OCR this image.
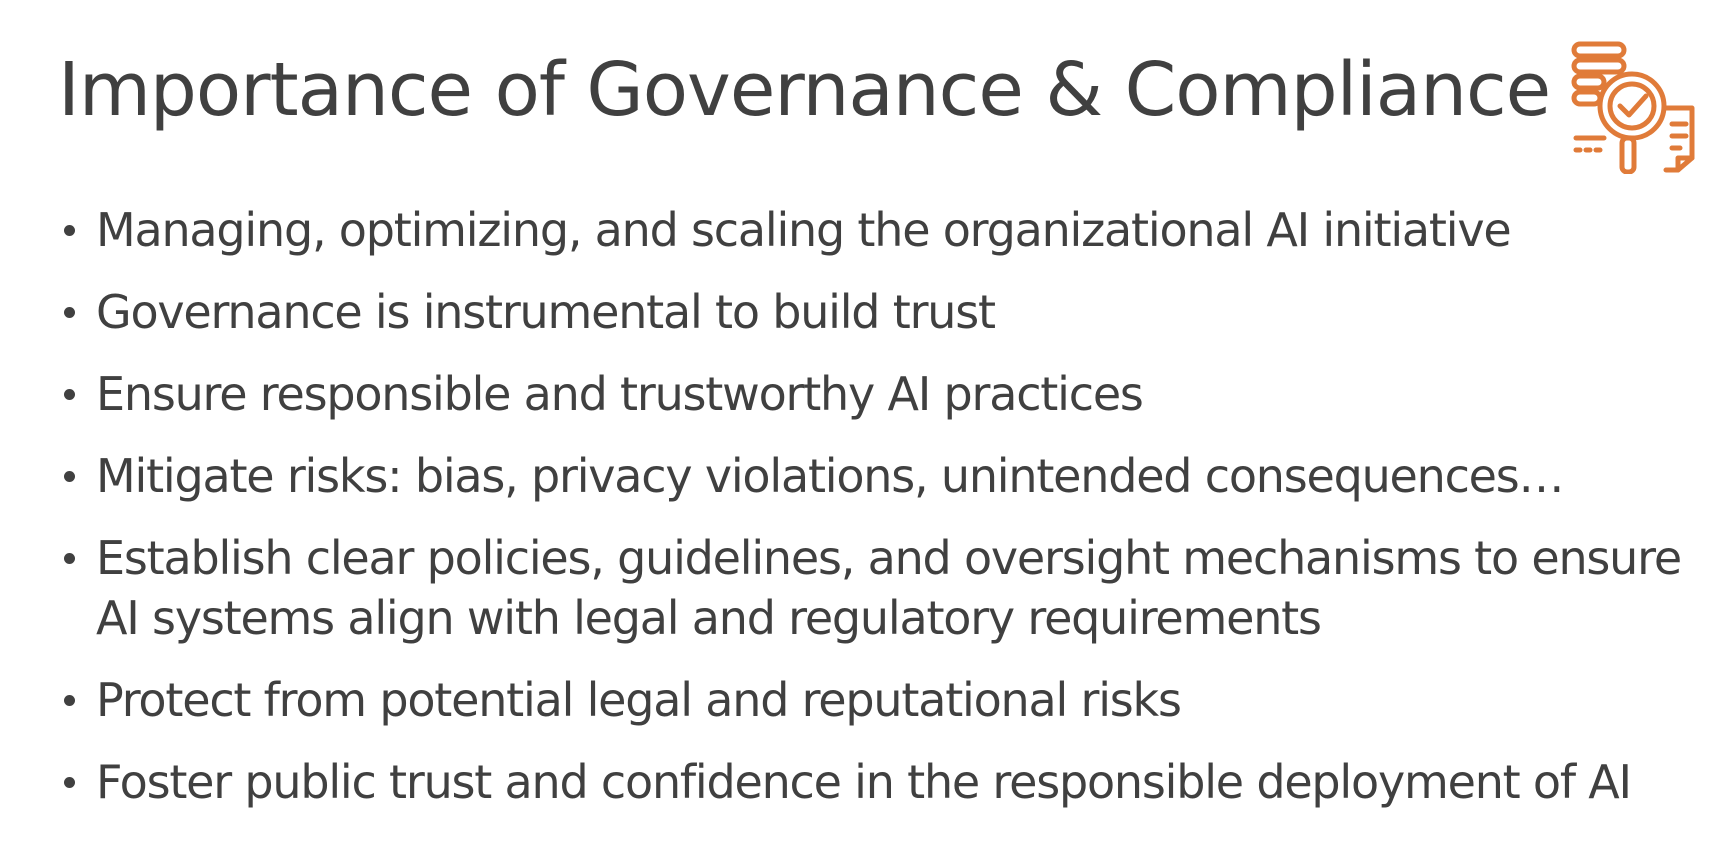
Importance of Governance & Compliance
Managing, optimizing, and scaling the organizational AI initiative
Governance is instrumental to build trust
Ensure responsible and trustworthy AI practices
Mitigate risks: bias, privacy violations, unintended consequences…
Establish clear policies, guidelines, and oversight mechanisms to ensure AI systems align with legal and regulatory requirements
Protect from potential legal and reputational risks
Foster public trust and confidence in the responsible deployment of AI
